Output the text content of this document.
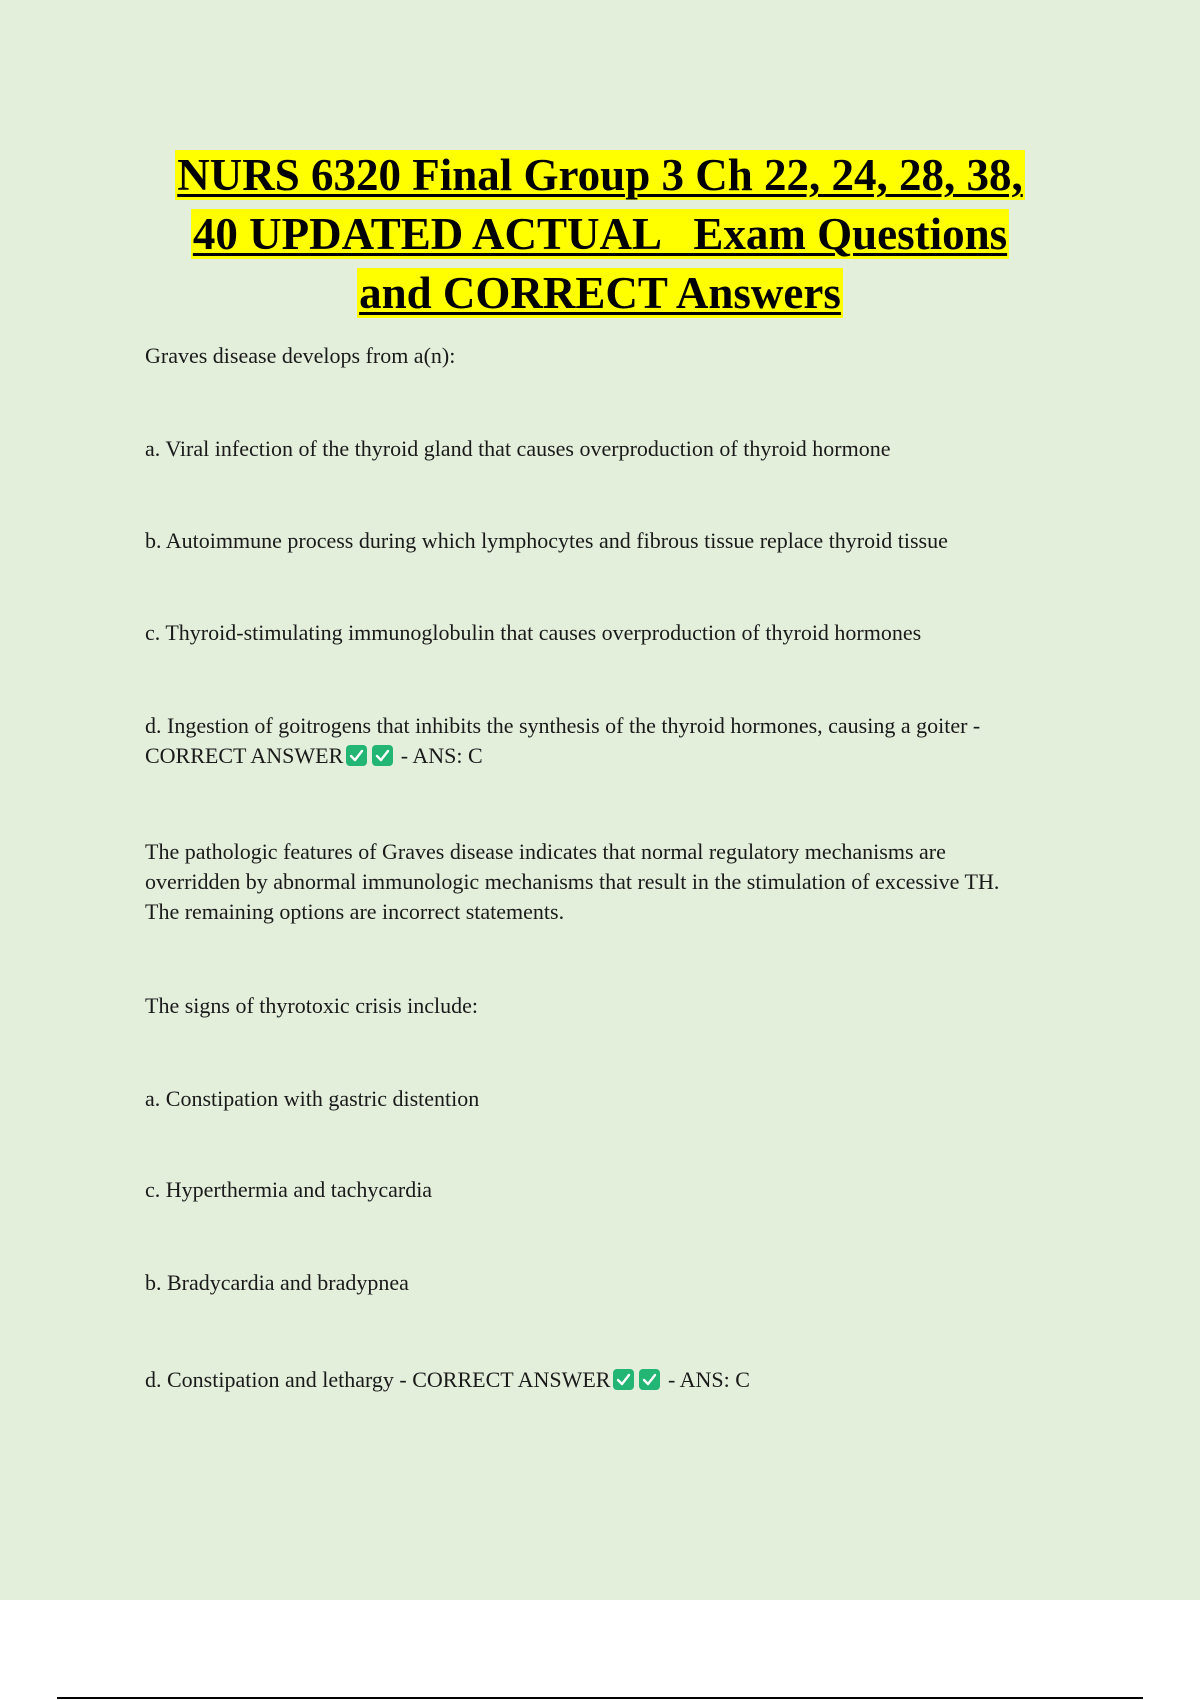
NURS 6320 Final Group 3 Ch 22, 24, 28, 38,
40 UPDATED ACTUAL   Exam Questions
and CORRECT Answers
Graves disease develops from a(n):
a. Viral infection of the thyroid gland that causes overproduction of thyroid hormone
b. Autoimmune process during which lymphocytes and fibrous tissue replace thyroid tissue
c. Thyroid-stimulating immunoglobulin that causes overproduction of thyroid hormones
d. Ingestion of goitrogens that inhibits the synthesis of the thyroid hormones, causing a goiter -
CORRECT ANSWER	- ANS: C
The pathologic features of Graves disease indicates that normal regulatory mechanisms are
overridden by abnormal immunologic mechanisms that result in the stimulation of excessive TH.
The remaining options are incorrect statements.
The signs of thyrotoxic crisis include:
a. Constipation with gastric distention
c. Hyperthermia and tachycardia
b. Bradycardia and bradypnea
d. Constipation and lethargy - CORRECT ANSWER	- ANS: C
